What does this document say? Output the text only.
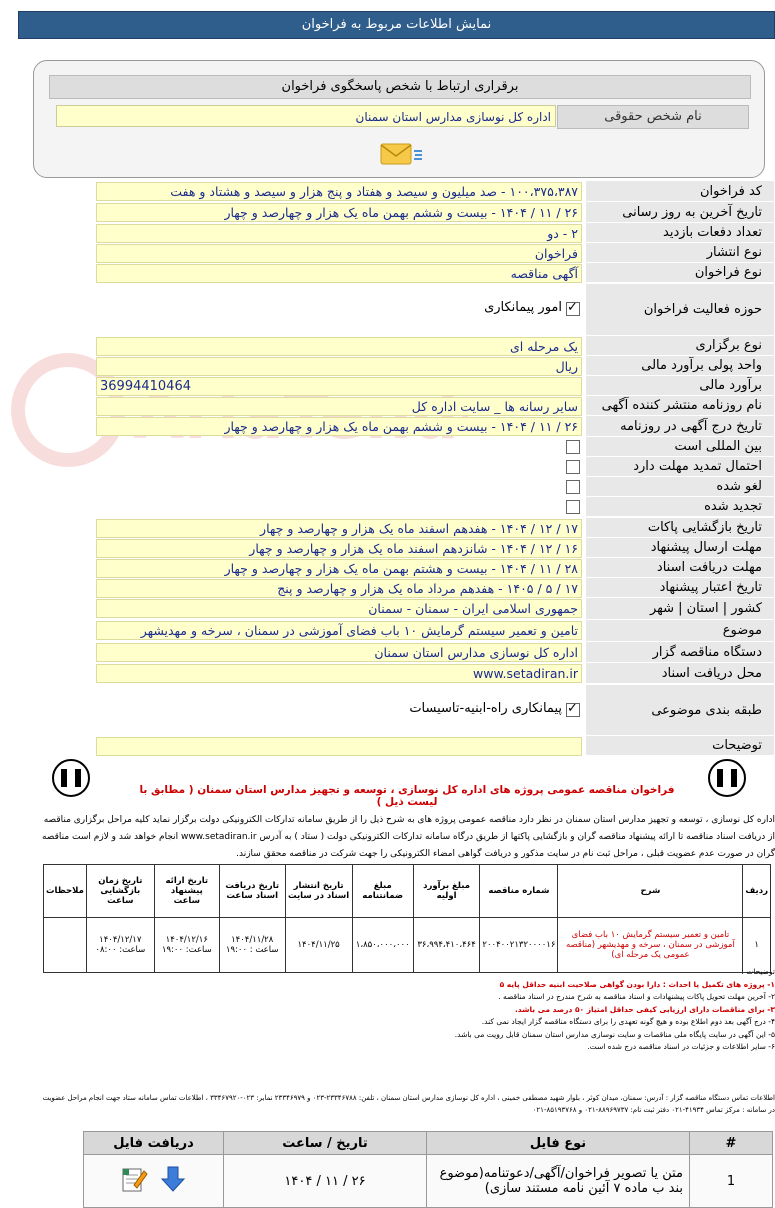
نمایش اطلاعات مربوط به فراخوان
برقراری ارتباط با شخص پاسخگوی فراخوان
نام شخص حقوقی
اداره کل نوسازی مدارس استان سمنان
کد فراخوان
۱۰۰،۳۷۵،۳۸۷ - صد میلیون و سیصد و هفتاد و پنج هزار و سیصد و هشتاد و هفت
تاریخ آخرین به روز رسانی
۲۶ / ۱۱ / ۱۴۰۴ - بیست و ششم بهمن ماه یک هزار و چهارصد و چهار
تعداد دفعات بازدید
۲ - دو
نوع انتشار
فراخوان
نوع فراخوان
آگهی مناقصه
حوزه فعالیت فراخوان
✓
امور پیمانکاری
نوع برگزاری
یک مرحله ای
واحد پولی برآورد مالی
ریال
برآورد مالی
36994410464
نام روزنامه منتشر کننده آگهی
سایر رسانه ها _ سایت اداره کل
تاریخ درج آگهی در روزنامه
۲۶ / ۱۱ / ۱۴۰۴ - بیست و ششم بهمن ماه یک هزار و چهارصد و چهار
بین المللی است
احتمال تمدید مهلت دارد
لغو شده
تجدید شده
تاریخ بازگشایی پاکات
۱۷ / ۱۲ / ۱۴۰۴ - هفدهم اسفند ماه یک هزار و چهارصد و چهار
مهلت ارسال پیشنهاد
۱۶ / ۱۲ / ۱۴۰۴ - شانزدهم اسفند ماه یک هزار و چهارصد و چهار
مهلت دریافت اسناد
۲۸ / ۱۱ / ۱۴۰۴ - بیست و هشتم بهمن ماه یک هزار و چهارصد و چهار
تاریخ اعتبار پیشنهاد
۱۷ / ۵ / ۱۴۰۵ - هفدهم مرداد ماه یک هزار و چهارصد و پنج
کشور | استان | شهر
جمهوری اسلامی ایران - سمنان - سمنان
موضوع
تامین و تعمیر سیستم گرمایش ۱۰ باب فضای آموزشی در سمنان ، سرخه و مهدیشهر
دستگاه مناقصه گزار
اداره کل نوسازی مدارس استان سمنان
محل دریافت اسناد
www.setadiran.ir
طبقه بندی موضوعی
✓
پیمانکاری راه-ابنیه-تاسیسات
توضیحات
فراخوان مناقصه عمومی پروژه های اداره کل نوسازی ، توسعه و تجهیز مدارس استان سمنان ( مطابق با لیست ذیل )
اداره کل نوسازی ، توسعه و تجهیز مدارس استان سمنان در نظر دارد مناقصه عمومی پروژه های به شرح ذیل را از طریق سامانه تدارکات الکترونیکی دولت برگزار نماید کلیه مراحل برگزاری مناقصه از دریافت اسناد مناقصه تا ارائه پیشنهاد مناقصه گران و بازگشایی پاکتها از طریق درگاه سامانه تدارکات الکترونیکی دولت ( ستاد ) به آدرس www.setadiran.ir انجام خواهد شد و لازم است مناقصه گران در صورت عدم عضویت قبلی ، مراحل ثبت نام در سایت مذکور و دریافت گواهی امضاء الکترونیکی را جهت شرکت در مناقصه محقق سازند.
ردیف	شرح	شماره مناقصه	مبلغ برآورد اولیه	مبلغ ضمانتنامه	تاریخ انتشار اسناد در سایت	تاریخ دریافت اسناد ساعت	تاریخ ارائه پیشنهاد ساعت	تاریخ زمان بازگشایی ساعت	ملاحظات
۱	تامین و تعمیر سیستم گرمایش ۱۰ باب فضای آموزشی در سمنان ، سرخه و مهدیشهر (مناقصه عمومی یک مرحله ای)	۲۰۰۴۰۰۲۱۳۲۰۰۰۰۱۶	۳۶،۹۹۴،۴۱۰،۴۶۴	۱،۸۵۰،۰۰۰،۰۰۰	۱۴۰۴/۱۱/۲۵	۱۴۰۴/۱۱/۲۸ ساعت : ۱۹:۰۰	۱۴۰۴/۱۲/۱۶ ساعت: ۱۹:۰۰	۱۴۰۴/۱۲/۱۷ ساعت: ۰۸:۰۰	
توضیحات :
۱- پروژه های تکمیل یا احداث : دارا بودن گواهی صلاحیت ابنیه حداقل پایه ۵
۲- آخرین مهلت تحویل پاکات پیشنهادات و اسناد مناقصه به شرح مندرج در اسناد مناقصه .
۳- برای مناقصات دارای ارزیابی کیفی حداقل امتیاز ۵۰ درصد می باشد.
۴- درج آگهی بعد دوم اطلاع بوده و هیچ گونه تعهدی را برای دستگاه مناقصه گزار ایجاد نمی کند.
۵- این آگهی در سایت پایگاه ملی مناقصات و سایت نوسازی مدارس استان سمنان قابل رویت می باشد.
۶- سایر اطلاعات و جزئیات در اسناد مناقصه درج شده است.
اطلاعات تماس دستگاه مناقصه گزار : آدرس: سمنان، میدان کوثر ، بلوار شهید مصطفی خمینی ، اداره کل نوسازی مدارس استان سمنان ، تلفن: ۲۳۳۴۶۷۸۸-۰۲۳ و ۲۳۳۴۶۹۷۹ نمابر: ۰۲۳-۳۳۴۶۷۹۲۰ ، اطلاعات تماس سامانه ستاد جهت انجام مراحل عضویت در سامانه : مرکز تماس ۴۱۹۳۴-۰۲۱ دفتر ثبت نام: ۸۸۹۶۹۷۳۷-۰۲۱ و ۸۵۱۹۳۷۶۸-۰۲۱
#	نوع فایل	تاریخ / ساعت	دریافت فایل
1	متن یا تصویر فراخوان/آگهی/دعوتنامه(موضوع بند ب ماده ۷ آئین نامه مستند سازی)	۲۶ / ۱۱ / ۱۴۰۴	
